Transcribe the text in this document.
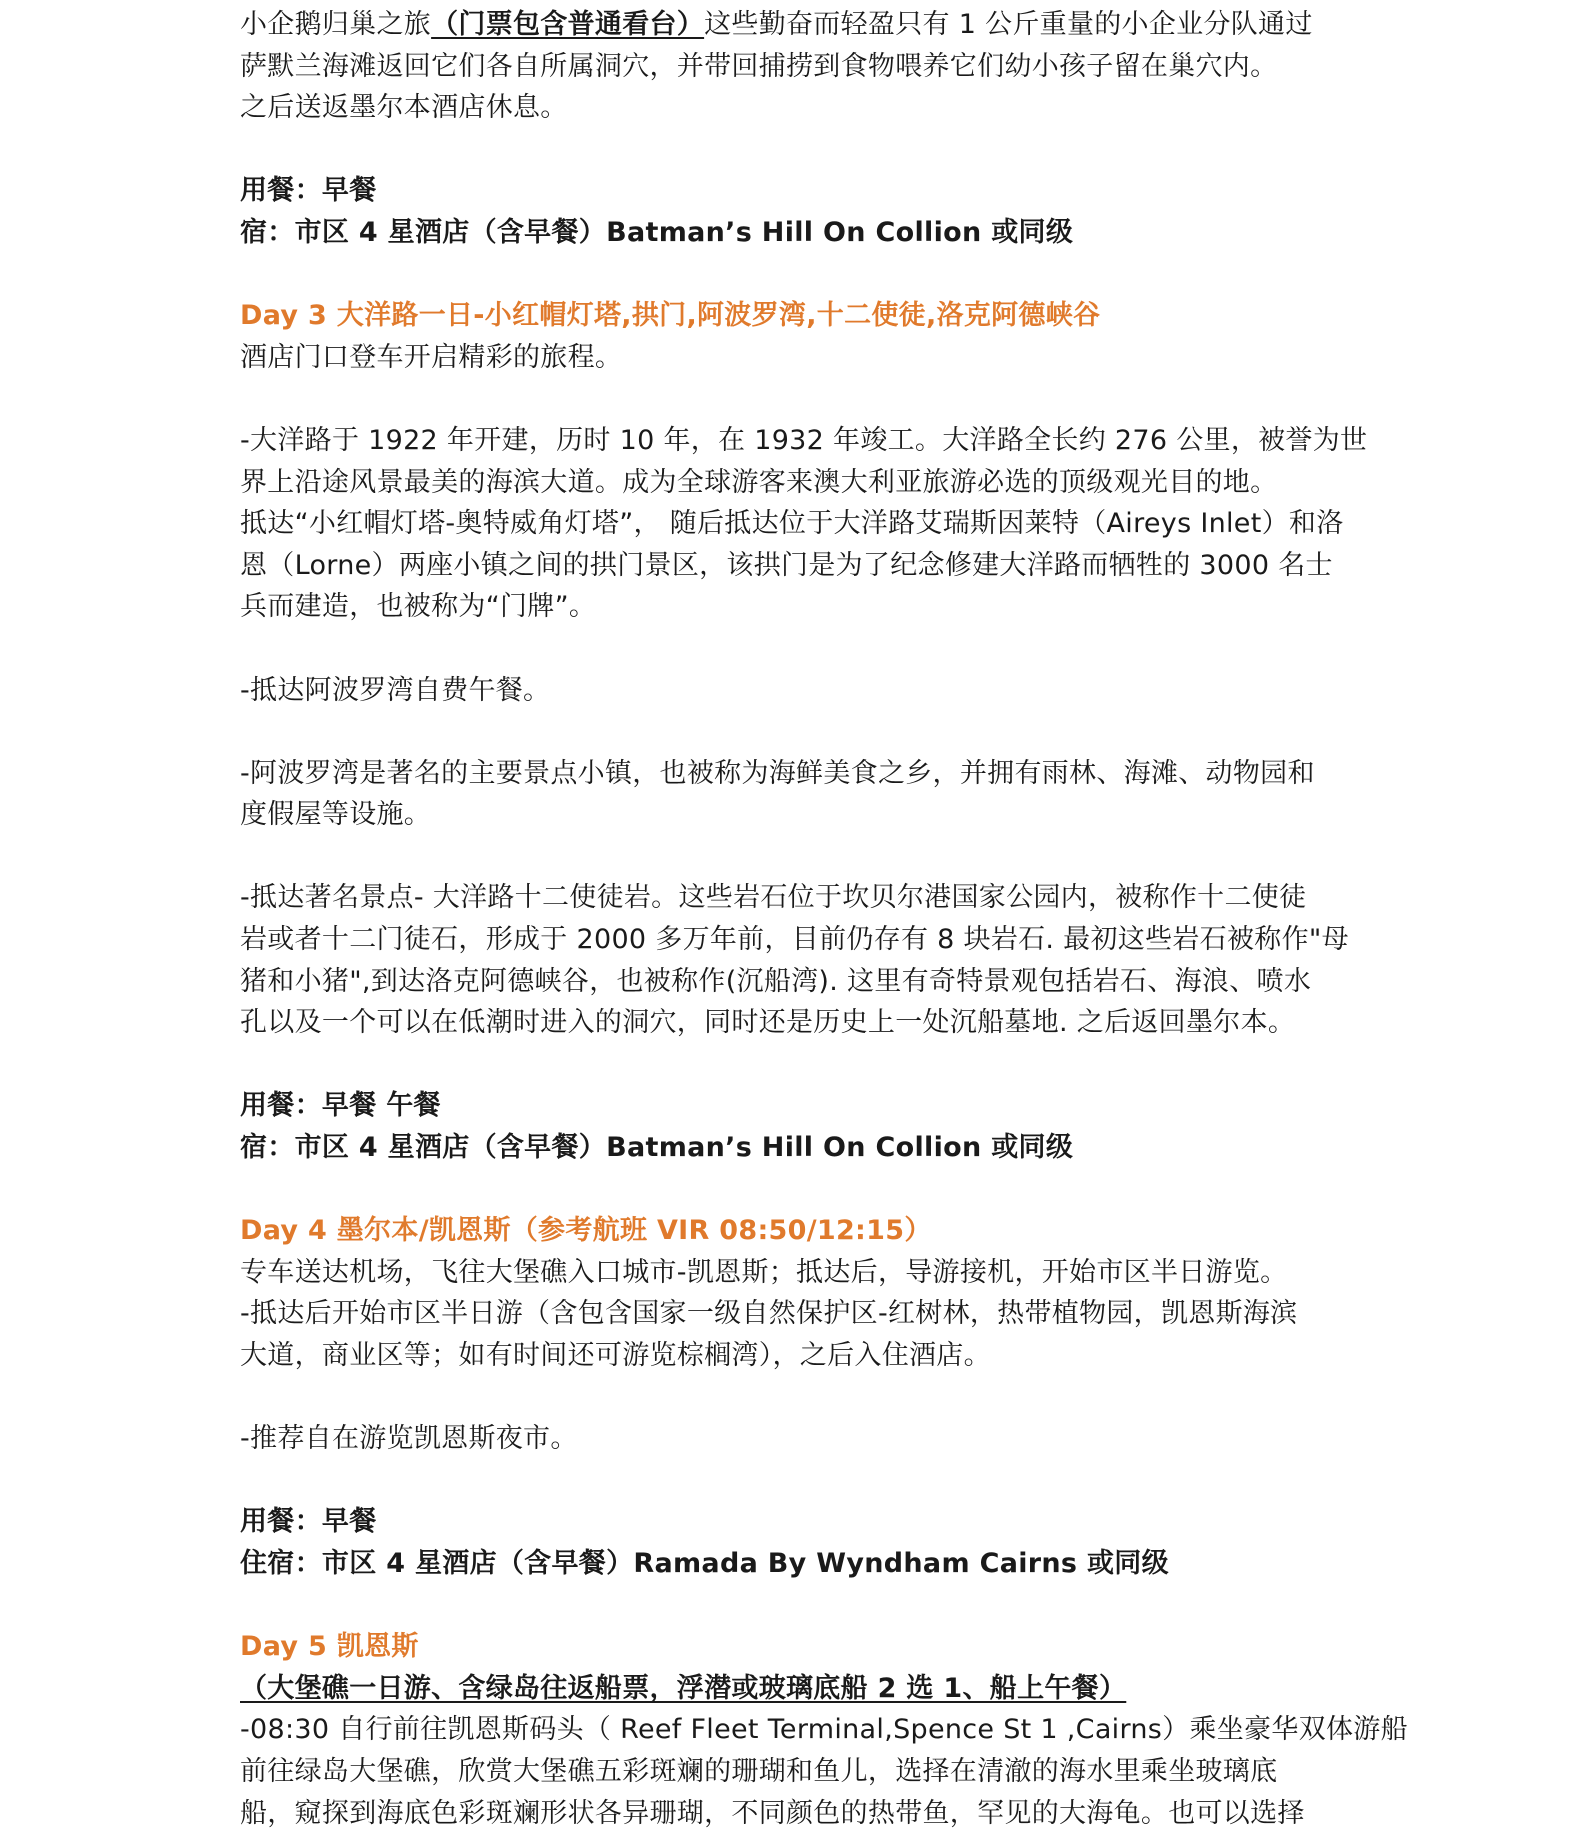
小企鹅归巢之旅（门票包含普通看台）这些勤奋而轻盈只有 1 公斤重量的小企业分队通过
萨默兰海滩返回它们各自所属洞穴，并带回捕捞到食物喂养它们幼小孩子留在巢穴内。
之后送返墨尔本酒店休息。
用餐：早餐
宿：市区 4 星酒店（含早餐）Batman’s Hill On Collion 或同级
Day 3 大洋路一日-小红帽灯塔,拱门,阿波罗湾,十二使徒,洛克阿德峡谷
酒店门口登车开启精彩的旅程。
-大洋路于 1922 年开建，历时 10 年，在 1932 年竣工。大洋路全长约 276 公里，被誉为世
界上沿途风景最美的海滨大道。成为全球游客来澳大利亚旅游必选的顶级观光目的地。
抵达“小红帽灯塔-奥特威角灯塔”， 随后抵达位于大洋路艾瑞斯因莱特（Aireys Inlet）和洛
恩（Lorne）两座小镇之间的拱门景区，该拱门是为了纪念修建大洋路而牺牲的 3000 名士
兵而建造，也被称为“门牌”。
-抵达阿波罗湾自费午餐。
-阿波罗湾是著名的主要景点小镇，也被称为海鲜美食之乡，并拥有雨林、海滩、动物园和
度假屋等设施。
-抵达著名景点- 大洋路十二使徒岩。这些岩石位于坎贝尔港国家公园内，被称作十二使徒
岩或者十二门徒石，形成于 2000 多万年前，目前仍存有 8 块岩石. 最初这些岩石被称作"母
猪和小猪",到达洛克阿德峡谷，也被称作(沉船湾). 这里有奇特景观包括岩石、海浪、喷水
孔以及一个可以在低潮时进入的洞穴，同时还是历史上一处沉船墓地. 之后返回墨尔本。
用餐：早餐 午餐
宿：市区 4 星酒店（含早餐）Batman’s Hill On Collion 或同级
Day 4 墨尔本/凯恩斯（参考航班 VIR 08:50/12:15）
专车送达机场，飞往大堡礁入口城市-凯恩斯；抵达后，导游接机，开始市区半日游览。
-抵达后开始市区半日游（含包含国家一级自然保护区-红树林，热带植物园，凯恩斯海滨
大道，商业区等；如有时间还可游览棕榈湾），之后入住酒店。
-推荐自在游览凯恩斯夜市。
用餐：早餐
住宿：市区 4 星酒店（含早餐）Ramada By Wyndham Cairns 或同级
Day 5 凯恩斯
（大堡礁一日游、含绿岛往返船票，浮潜或玻璃底船 2 选 1、船上午餐）
-08:30 自行前往凯恩斯码头（ Reef Fleet Terminal,Spence St 1 ,Cairns）乘坐豪华双体游船
前往绿岛大堡礁，欣赏大堡礁五彩斑斓的珊瑚和鱼儿，选择在清澈的海水里乘坐玻璃底
船，窥探到海底色彩斑斓形状各异珊瑚，不同颜色的热带鱼，罕见的大海龟。也可以选择
